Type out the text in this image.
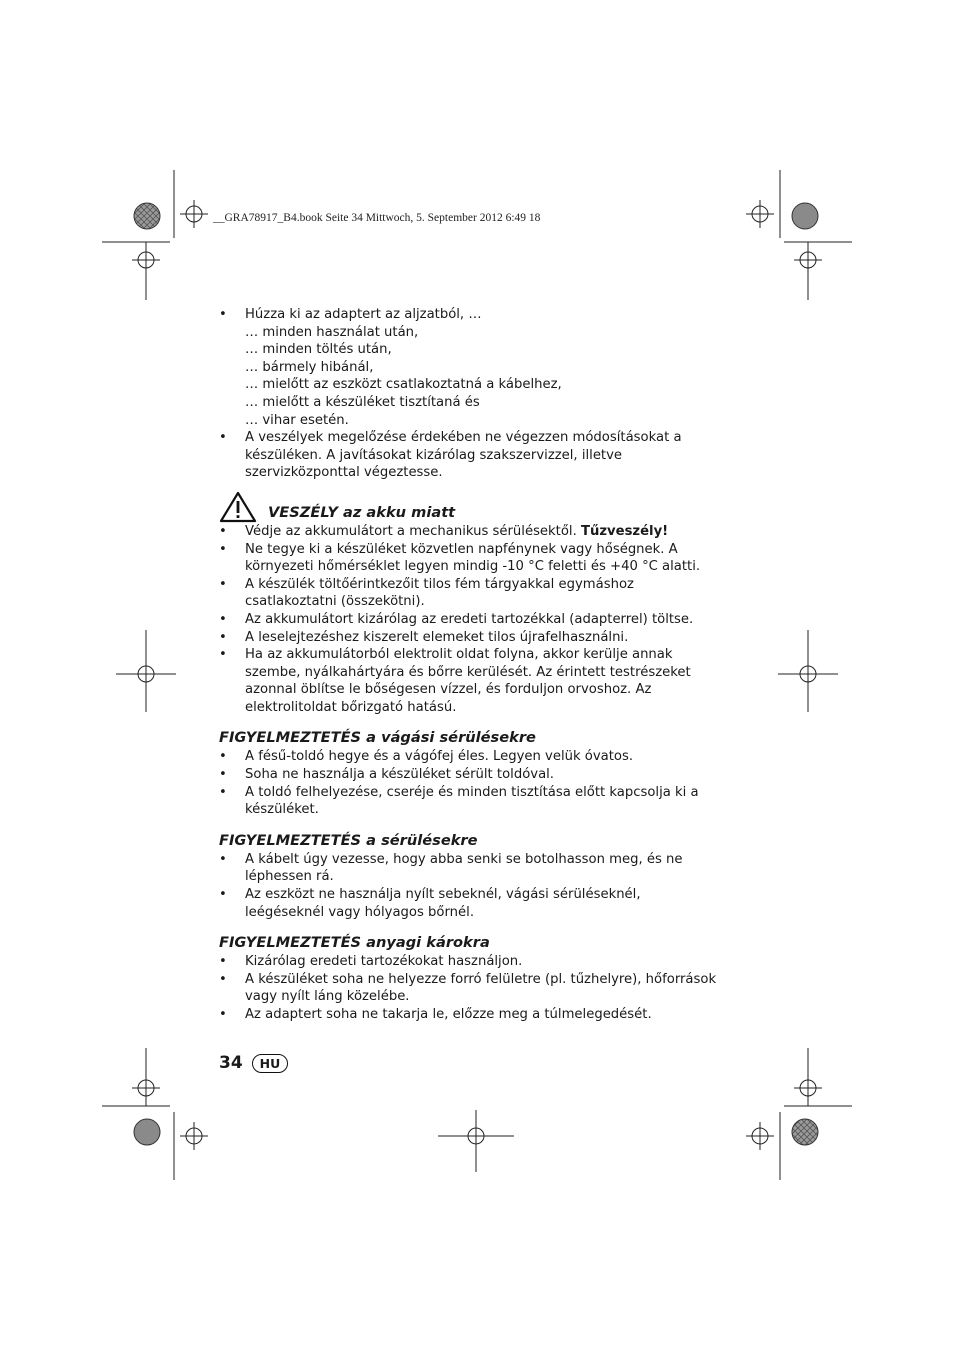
__GRA78917_B4.book Seite 34 Mittwoch, 5. September 2012 6:49 18
• Húzza ki az adaptert az aljzatból, …
… minden használat után,
… minden töltés után,
… bármely hibánál,
… mielőtt az eszközt csatlakoztatná a kábelhez,
… mielőtt a készüléket tisztítaná és
… vihar esetén.
• A veszélyek megelőzése érdekében ne végezzen módosításokat a készüléken. A javításokat kizárólag szakszervizzel, illetve szervizközponttal végeztesse.
VESZÉLY az akku miatt
• Védje az akkumulátort a mechanikus sérülésektől. Tűzveszély!
• Ne tegye ki a készüléket közvetlen napfénynek vagy hőségnek. A környezeti hőmérséklet legyen mindig -10 °C feletti és +40 °C alatti.
• A készülék töltőérintkezőit tilos fém tárgyakkal egymáshoz csatlakoztatni (összekötni).
• Az akkumulátort kizárólag az eredeti tartozékkal (adapterrel) töltse.
• A leselejtezéshez kiszerelt elemeket tilos újrafelhasználni.
• Ha az akkumulátorból elektrolit oldat folyna, akkor kerülje annak szembe, nyálkahártyára és bőrre kerülését. Az érintett testrészeket azonnal öblítse le bőségesen vízzel, és forduljon orvoshoz. Az elektrolitoldat bőrizgató hatású.
FIGYELMEZTETÉS a vágási sérülésekre
• A fésű-toldó hegye és a vágófej éles. Legyen velük óvatos.
• Soha ne használja a készüléket sérült toldóval.
• A toldó felhelyezése, cseréje és minden tisztítása előtt kapcsolja ki a készüléket.
FIGYELMEZTETÉS a sérülésekre
• A kábelt úgy vezesse, hogy abba senki se botolhasson meg, és ne léphessen rá.
• Az eszközt ne használja nyílt sebeknél, vágási sérüléseknél, leégéseknél vagy hólyagos bőrnél.
FIGYELMEZTETÉS anyagi károkra
• Kizárólag eredeti tartozékokat használjon.
• A készüléket soha ne helyezze forró felületre (pl. tűzhelyre), hőforrások vagy nyílt láng közelébe.
• Az adaptert soha ne takarja le, előzze meg a túlmelegedését.
34	HU
